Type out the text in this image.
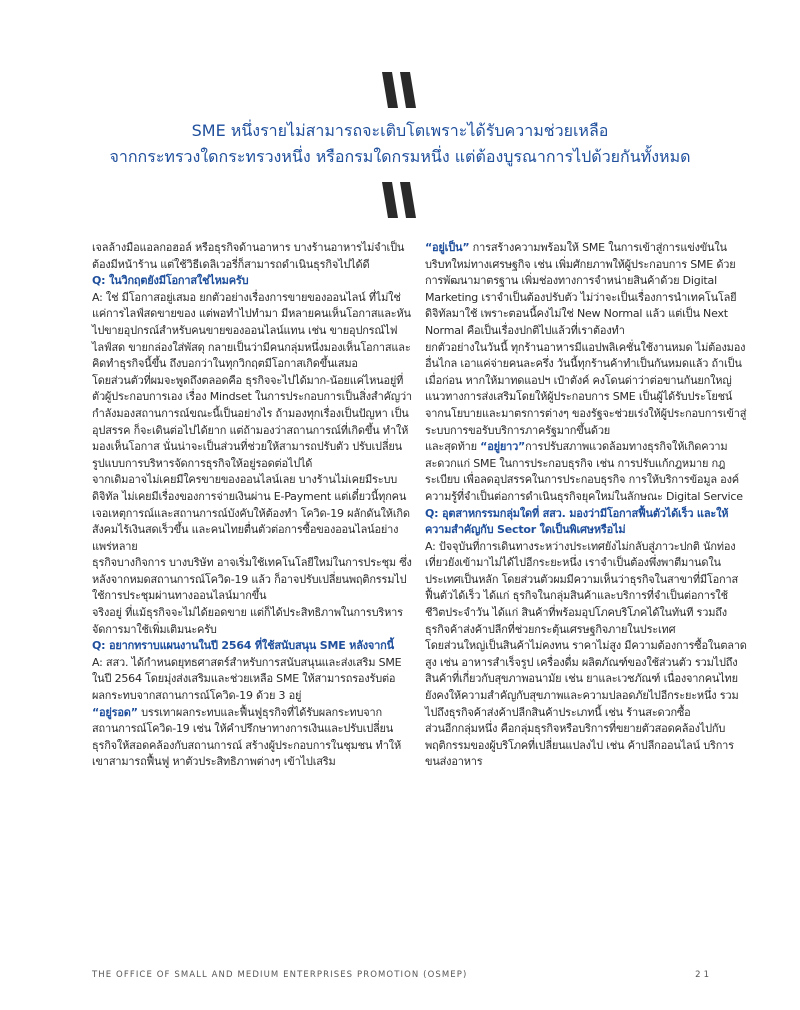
SME หนึ่งรายไม่สามารถจะเติบโตเพราะได้รับความช่วยเหลือ

จากกระทรวงใดกระทรวงหนึ่ง หรือกรมใดกรมหนึ่ง แต่ต้องบูรณาการไปด้วยกันทั้งหมด

เจลล้างมือแอลกอฮอล์ หรือธุรกิจด้านอาหาร บางร้านอาหารไม่จำเป็นต้องมีหน้าร้าน แต่ใช้วิธีเดลิเวอรี่ก็สามารถดำเนินธุรกิจไปได้ดี

Q: ในวิกฤตยังมีโอกาสใช่ไหมครับ

A: ใช่ มีโอกาสอยู่เสมอ ยกตัวอย่างเรื่องการขายของออนไลน์ ที่ไม่ใช่แค่การไลฟ์สดขายของ แต่พอทำไปทำมา มีหลายคนเห็นโอกาสและหันไปขายอุปกรณ์สำหรับคนขายของออนไลน์แทน เช่น ขายอุปกรณ์ไฟไลฟ์สด ขายกล่องใส่พัสดุ กลายเป็นว่ามีคนกลุ่มหนึ่งมองเห็นโอกาสและคิดทำธุรกิจนี้ขึ้น ถึงบอกว่าในทุกวิกฤตมีโอกาสเกิดขึ้นเสมอ

โดยส่วนตัวที่ผมจะพูดถึงตลอดคือ ธุรกิจจะไปได้มาก-น้อยแค่ไหนอยู่ที่ตัวผู้ประกอบการเอง เรื่อง Mindset ในการประกอบการเป็นสิ่งสำคัญว่ากำลังมองสถานการณ์ขณะนี้เป็นอย่างไร ถ้ามองทุกเรื่องเป็นปัญหา เป็นอุปสรรค ก็จะเดินต่อไปได้ยาก แต่ถ้ามองว่าสถานการณ์ที่เกิดขึ้น ทำให้มองเห็นโอกาส นั่นน่าจะเป็นส่วนที่ช่วยให้สามารถปรับตัว ปรับเปลี่ยนรูปแบบการบริหารจัดการธุรกิจให้อยู่รอดต่อไปได้

จากเดิมอาจไม่เคยมีใครขายของออนไลน์เลย บางร้านไม่เคยมีระบบดิจิทัล ไม่เคยมีเรื่องของการจ่ายเงินผ่าน E-Payment แต่เดี๋ยวนี้ทุกคนเจอเหตุการณ์และสถานการณ์บังคับให้ต้องทำ โควิด-19 ผลักดันให้เกิดสังคมไร้เงินสดเร็วขึ้น และคนไทยตื่นตัวต่อการซื้อของออนไลน์อย่างแพร่หลาย

ธุรกิจบางกิจการ บางบริษัท อาจเริ่มใช้เทคโนโลยีใหม่ในการประชุม ซึ่งหลังจากหมดสถานการณ์โควิด-19 แล้ว ก็อาจปรับเปลี่ยนพฤติกรรมไปใช้การประชุมผ่านทางออนไลน์มากขึ้น

จริงอยู่ ที่แม้ธุรกิจจะไม่ได้ยอดขาย แต่ก็ได้ประสิทธิภาพในการบริหารจัดการมาใช้เพิ่มเติมนะครับ

Q: อยากทราบแผนงานในปี 2564 ที่ใช้สนับสนุน SME หลังจากนี้

A: สสว. ได้กำหนดยุทธศาสตร์สำหรับการสนับสนุนและส่งเสริม SME ในปี 2564 โดยมุ่งส่งเสริมและช่วยเหลือ SME ให้สามารถรองรับต่อผลกระทบจากสถานการณ์โควิด-19 ด้วย 3 อยู่

“อยู่รอด” บรรเทาผลกระทบและฟื้นฟูธุรกิจที่ได้รับผลกระทบจากสถานการณ์โควิด-19 เช่น ให้คำปรึกษาทางการเงินและปรับเปลี่ยนธุรกิจให้สอดคล้องกับสถานการณ์ สร้างผู้ประกอบการในชุมชน ทำให้เขาสามารถฟื้นฟู หาตัวประสิทธิภาพต่างๆ เข้าไปเสริม

“อยู่เป็น” การสร้างความพร้อมให้ SME ในการเข้าสู่การแข่งขันในบริบทใหม่ทางเศรษฐกิจ เช่น เพิ่มศักยภาพให้ผู้ประกอบการ SME ด้วยการพัฒนามาตรฐาน เพิ่มช่องทางการจำหน่ายสินค้าด้วย Digital Marketing เราจำเป็นต้องปรับตัว ไม่ว่าจะเป็นเรื่องการนำเทคโนโลยีดิจิทัลมาใช้ เพราะตอนนี้คงไม่ใช่ New Normal แล้ว แต่เป็น Next Normal คือเป็นเรื่องปกติไปแล้วที่เราต้องทำ

ยกตัวอย่างในวันนี้ ทุกร้านอาหารมีแอปพลิเคชั่นใช้งานหมด ไม่ต้องมองอื่นไกล เอาแค่จ่ายคนละครึ่ง วันนี้ทุกร้านค้าทำเป็นกันหมดแล้ว ถ้าเป็นเมื่อก่อน หากให้มาทดแอปฯ เป๋าตังค์ คงโดนด่าว่าต่อขานกันยกใหญ่ แนวทางการส่งเสริมโดยให้ผู้ประกอบการ SME เป็นผู้ได้รับประโยชน์จากนโยบายและมาตรการต่างๆ ของรัฐจะช่วยเร่งให้ผู้ประกอบการเข้าสู่ระบบการขอรับบริการภาครัฐมากขึ้นด้วย

และสุดท้าย “อยู่ยาว”การปรับสภาพแวดล้อมทางธุรกิจให้เกิดความสะดวกแก่ SME ในการประกอบธุรกิจ เช่น การปรับแก้กฎหมาย กฎระเบียบ เพื่อลดอุปสรรคในการประกอบธุรกิจ การให้บริการข้อมูล องค์ความรู้ที่จำเป็นต่อการดำเนินธุรกิจยุคใหม่ในลักษณะ Digital Service

Q: อุตสาหกรรมกลุ่มใดที่ สสว. มองว่ามีโอกาสฟื้นตัวได้เร็ว และให้ความสำคัญกับ Sector ใดเป็นพิเศษหรือไม่

A: ปัจจุบันที่การเดินทางระหว่างประเทศยังไม่กลับสู่ภาวะปกติ นักท่องเที่ยวยังเข้ามาไม่ได้ไปอีกระยะหนึ่ง เราจำเป็นต้องพึ่งพาตีมานดในประเทศเป็นหลัก โดยส่วนตัวผมมีความเห็นว่าธุรกิจในสาขาที่มีโอกาสฟื้นตัวได้เร็ว ได้แก่ ธุรกิจในกลุ่มสินค้าและบริการที่จำเป็นต่อการใช้ชีวิตประจำวัน ได้แก่ สินค้าที่พร้อมอุปโภคบริโภคได้ในทันที รวมถึงธุรกิจค้าส่งค้าปลีกที่ช่วยกระตุ้นเศรษฐกิจภายในประเทศ

โดยส่วนใหญ่เป็นสินค้าไม่คงทน ราคาไม่สูง มีความต้องการซื้อในตลาดสูง เช่น อาหารสำเร็จรูป เครื่องดื่ม ผลิตภัณฑ์ของใช้ส่วนตัว รวมไปถึงสินค้าที่เกี่ยวกับสุขภาพอนามัย เช่น ยาและเวชภัณฑ์ เนื่องจากคนไทยยังคงให้ความสำคัญกับสุขภาพและความปลอดภัยไปอีกระยะหนึ่ง รวมไปถึงธุรกิจค้าส่งค้าปลีกสินค้าประเภทนี้ เช่น ร้านสะดวกซื้อ

ส่วนอีกกลุ่มหนึ่ง คือกลุ่มธุรกิจหรือบริการที่ขยายตัวสอดคล้องไปกับพฤติกรรมของผู้บริโภคที่เปลี่ยนแปลงไป เช่น ค้าปลีกออนไลน์ บริการขนส่งอาหาร

THE OFFICE OF SMALL AND MEDIUM ENTERPRISES PROMOTION (OSMEP)	21
